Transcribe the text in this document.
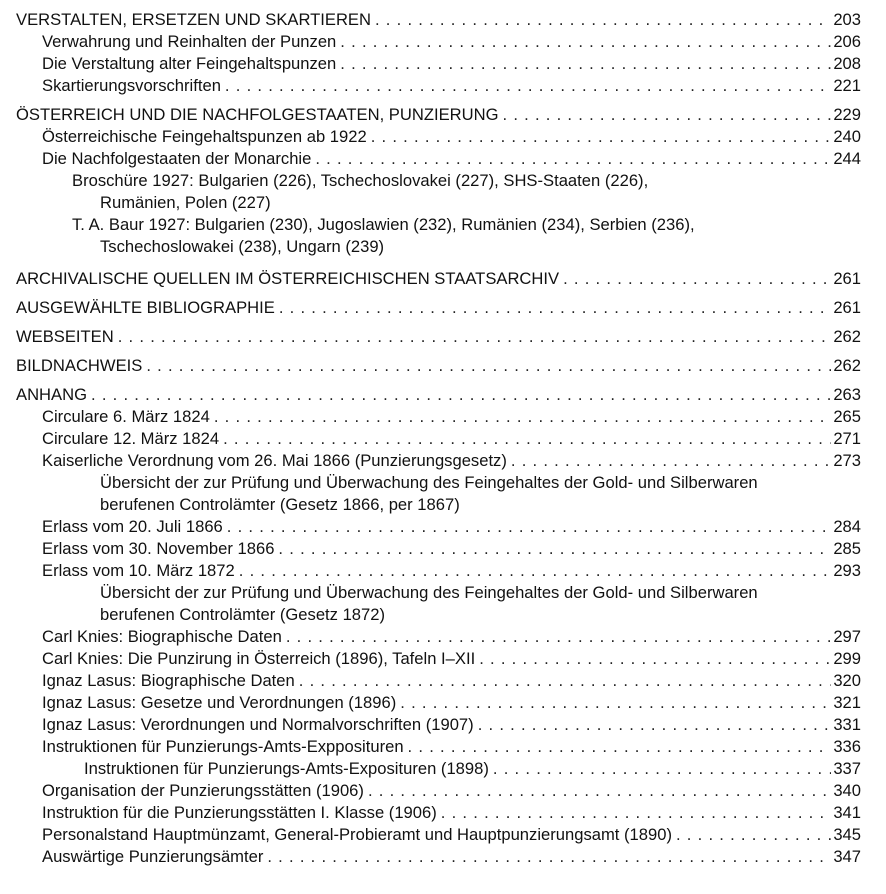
VERSTALTEN, ERSETZEN UND SKARTIEREN . . .	203
Verwahrung und Reinhalten der Punzen . . .	206
Die Verstaltung alter Feingehaltspunzen . . .	208
Skartierungsvorschriften . . .	221
ÖSTERREICH UND DIE NACHFOLGESTAATEN, PUNZIERUNG . . .	229
Österreichische Feingehaltspunzen ab 1922 . . .	240
Die Nachfolgestaaten der Monarchie . . .	244
Broschüre 1927: Bulgarien (226), Tschechoslovakei (227), SHS-Staaten (226),
Rumänien, Polen (227)
T. A. Baur 1927: Bulgarien (230), Jugoslawien (232), Rumänien (234), Serbien (236),
Tschechoslowakei (238), Ungarn (239)
ARCHIVALISCHE QUELLEN IM ÖSTERREICHISCHEN STAATSARCHIV . . .	261
AUSGEWÄHLTE BIBLIOGRAPHIE . . .	261
WEBSEITEN . . .	262
BILDNACHWEIS . . .	262
ANHANG . . .	263
Circulare 6. März 1824 . . .	265
Circulare 12. März 1824 . . .	271
Kaiserliche Verordnung vom 26. Mai 1866 (Punzierungsgesetz) . . .	273
Übersicht der zur Prüfung und Überwachung des Feingehaltes der Gold- und Silberwaren
berufenen Controlämter (Gesetz 1866, per 1867)
Erlass vom 20. Juli 1866 . . .	284
Erlass vom 30. November 1866 . . .	285
Erlass vom 10. März 1872 . . .	293
Übersicht der zur Prüfung und Überwachung des Feingehaltes der Gold- und Silberwaren
berufenen Controlämter (Gesetz 1872)
Carl Knies: Biographische Daten . . .	297
Carl Knies: Die Punzirung in Österreich (1896), Tafeln I–XII . . .	299
Ignaz Lasus: Biographische Daten . . .	320
Ignaz Lasus: Gesetze und Verordnungen (1896) . . .	321
Ignaz Lasus: Verordnungen und Normalvorschriften (1907) . . .	331
Instruktionen für Punzierungs-Amts-Expposituren . . .	336
Instruktionen für Punzierungs-Amts-Exposituren (1898) . . .	337
Organisation der Punzierungsstätten (1906) . . .	340
Instruktion für die Punzierungsstätten I. Klasse (1906) . . .	341
Personalstand Hauptmünzamt, General-Probieramt und Hauptpunzierungsamt (1890) . . .	345
Auswärtige Punzierungsämter . . .	347
